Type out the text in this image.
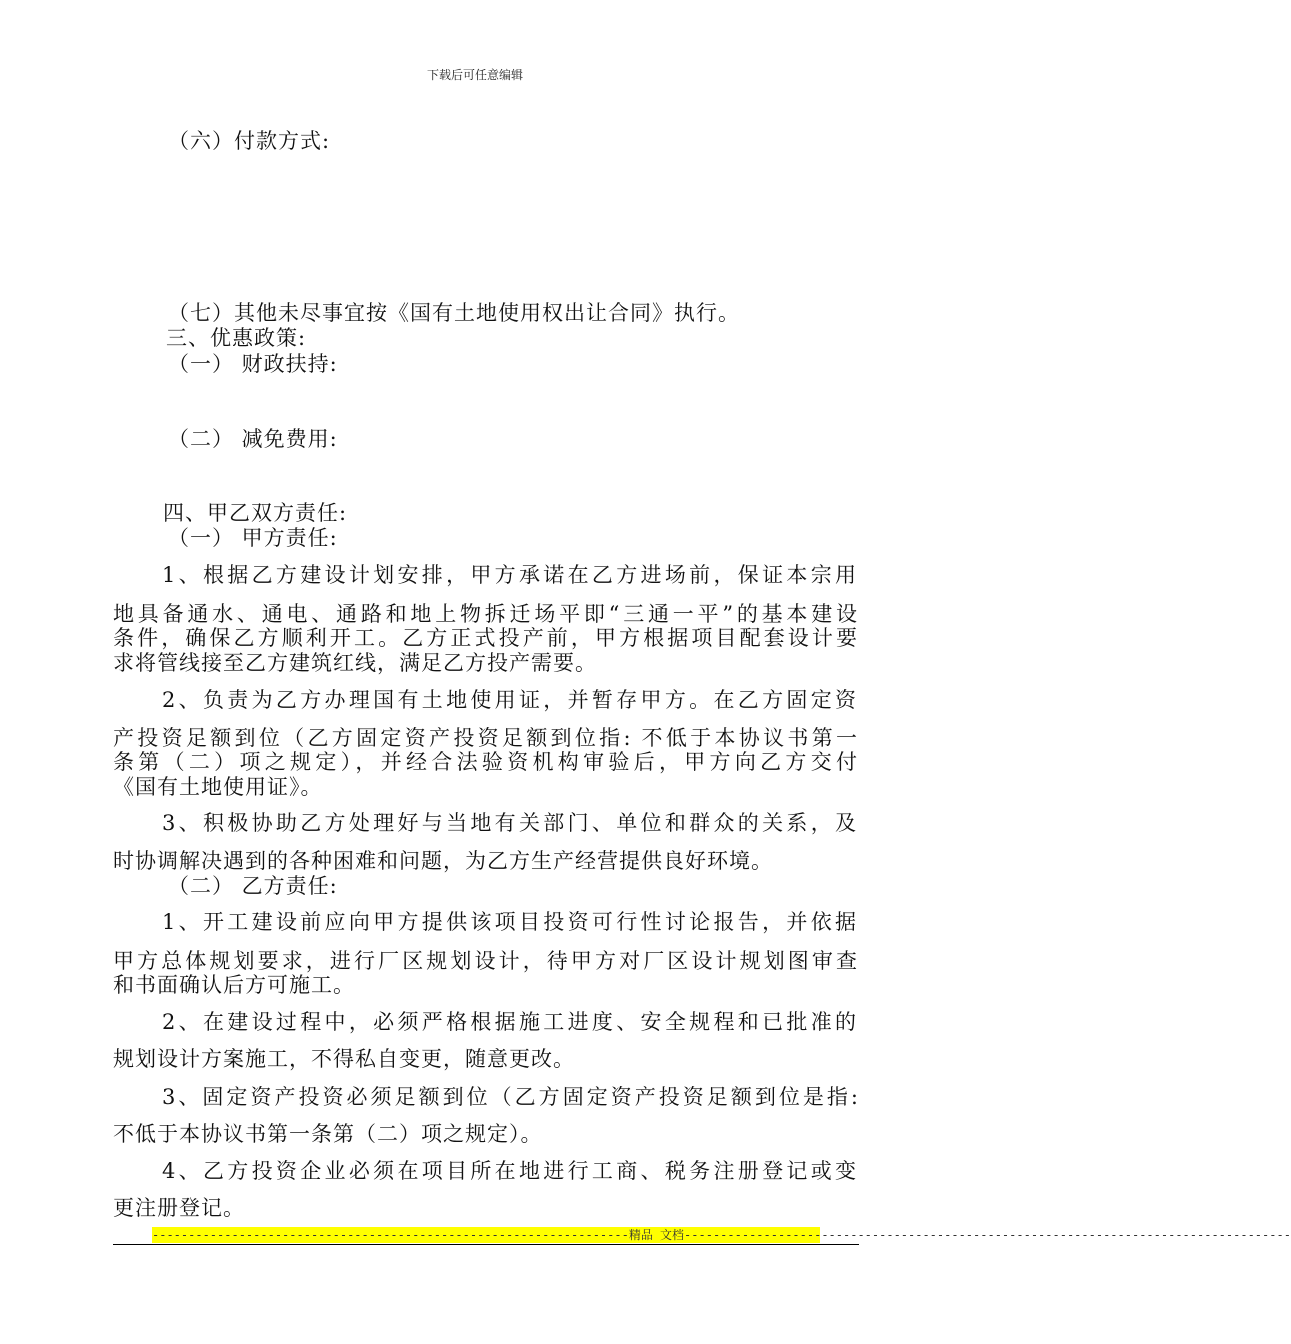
下载后可任意编辑
（六）付款方式:
（七）其他未尽事宜按《国有土地使用权出让合同》执行。
三、优惠政策:
（一） 财政扶持:
（二） 减免费用:
四、甲乙双方责任:
（一） 甲方责任:
1、根据乙方建设计划安排，甲方承诺在乙方进场前，保证本宗用
地具备通水、通电、通路和地上物拆迁场平即“三通一平”的基本建设
条件，确保乙方顺利开工。乙方正式投产前，甲方根据项目配套设计要
求将管线接至乙方建筑红线，满足乙方投产需要。
2、负责为乙方办理国有土地使用证，并暂存甲方。在乙方固定资
产投资足额到位（乙方固定资产投资足额到位指: 不低于本协议书第一
条第（二）项之规定），并经合法验资机构审验后，甲方向乙方交付
《国有土地使用证》。
3、积极协助乙方处理好与当地有关部门、单位和群众的关系，及
时协调解决遇到的各种困难和问题，为乙方生产经营提供良好环境。
（二） 乙方责任:
1、开工建设前应向甲方提供该项目投资可行性讨论报告，并依据
甲方总体规划要求，进行厂区规划设计，待甲方对厂区设计规划图审查
和书面确认后方可施工。
2、在建设过程中，必须严格根据施工进度、安全规程和已批准的
规划设计方案施工，不得私自变更，随意更改。
3、固定资产投资必须足额到位（乙方固定资产投资足额到位是指:
不低于本协议书第一条第（二）项之规定）。
4、乙方投资企业必须在项目所在地进行工商、税务注册登记或变
更注册登记。
------------------------------------------------------------------精品 文档------------------------------------------------------------------------------------
